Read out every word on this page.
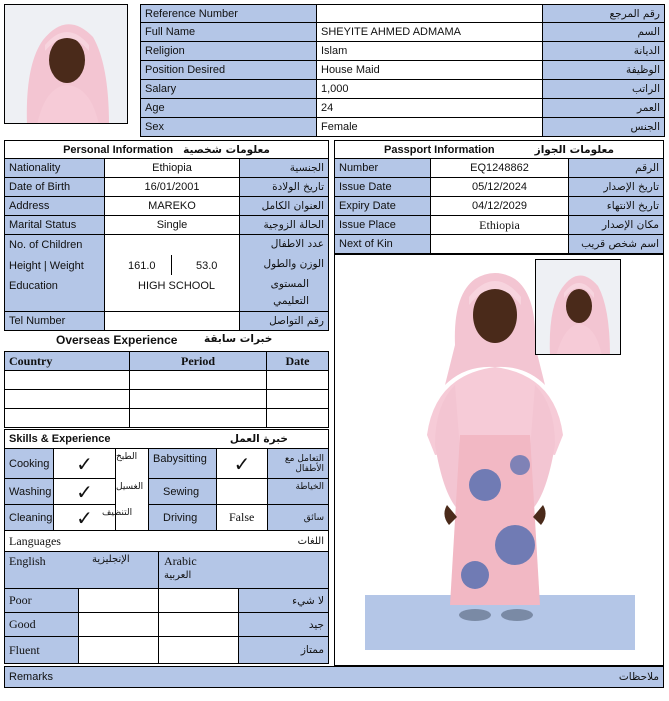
Reference Number	رقم المرجع
Full Name	SHEYITE AHMED ADMAMA	السم
Religion	Islam	الديانة
Position Desired	House Maid	الوظيفة
Salary	1,000	الراتب
Age	24	العمر
Sex	Female	الجنس
Personal Information معلومات شخصية
Nationality	Ethiopia	الجنسية
Date of Birth	16/01/2001	تاريخ الولادة
Address	MAREKO	العنوان الكامل
Marital Status	Single	الحالة الزوجية
No. of Children	عدد الاطفال
Height | Weight	161.0	53.0	الوزن والطول
Education	HIGH SCHOOL	المستوى
التعليمي
Tel Number	رقم التواصل
Overseas Experience	خبرات سابقة
Country	Period	Date
Skills & Experience	خبرة العمل
Cooking	✓	الطبخ	Babysitting	✓	التعامل مع
الأطفال
Washing	✓	الغسيل	Sewing	الخياطة
Cleaning	✓	التنظيف	Driving	False	سائق
Languages	اللغات
English	الإنجليزية	Arabic
العربية
Poor	لا شيء
Good	جيد
Fluent	ممتاز
Passport Information	معلومات الجواز
Number	EQ1248862	الرقم
Issue Date	05/12/2024	تاريخ الإصدار
Expiry Date	04/12/2029	تاريخ الانتهاء
Issue Place	Ethiopia	مكان الإصدار
Next of Kin	اسم شخص قريب
Remarks	ملاحظات
